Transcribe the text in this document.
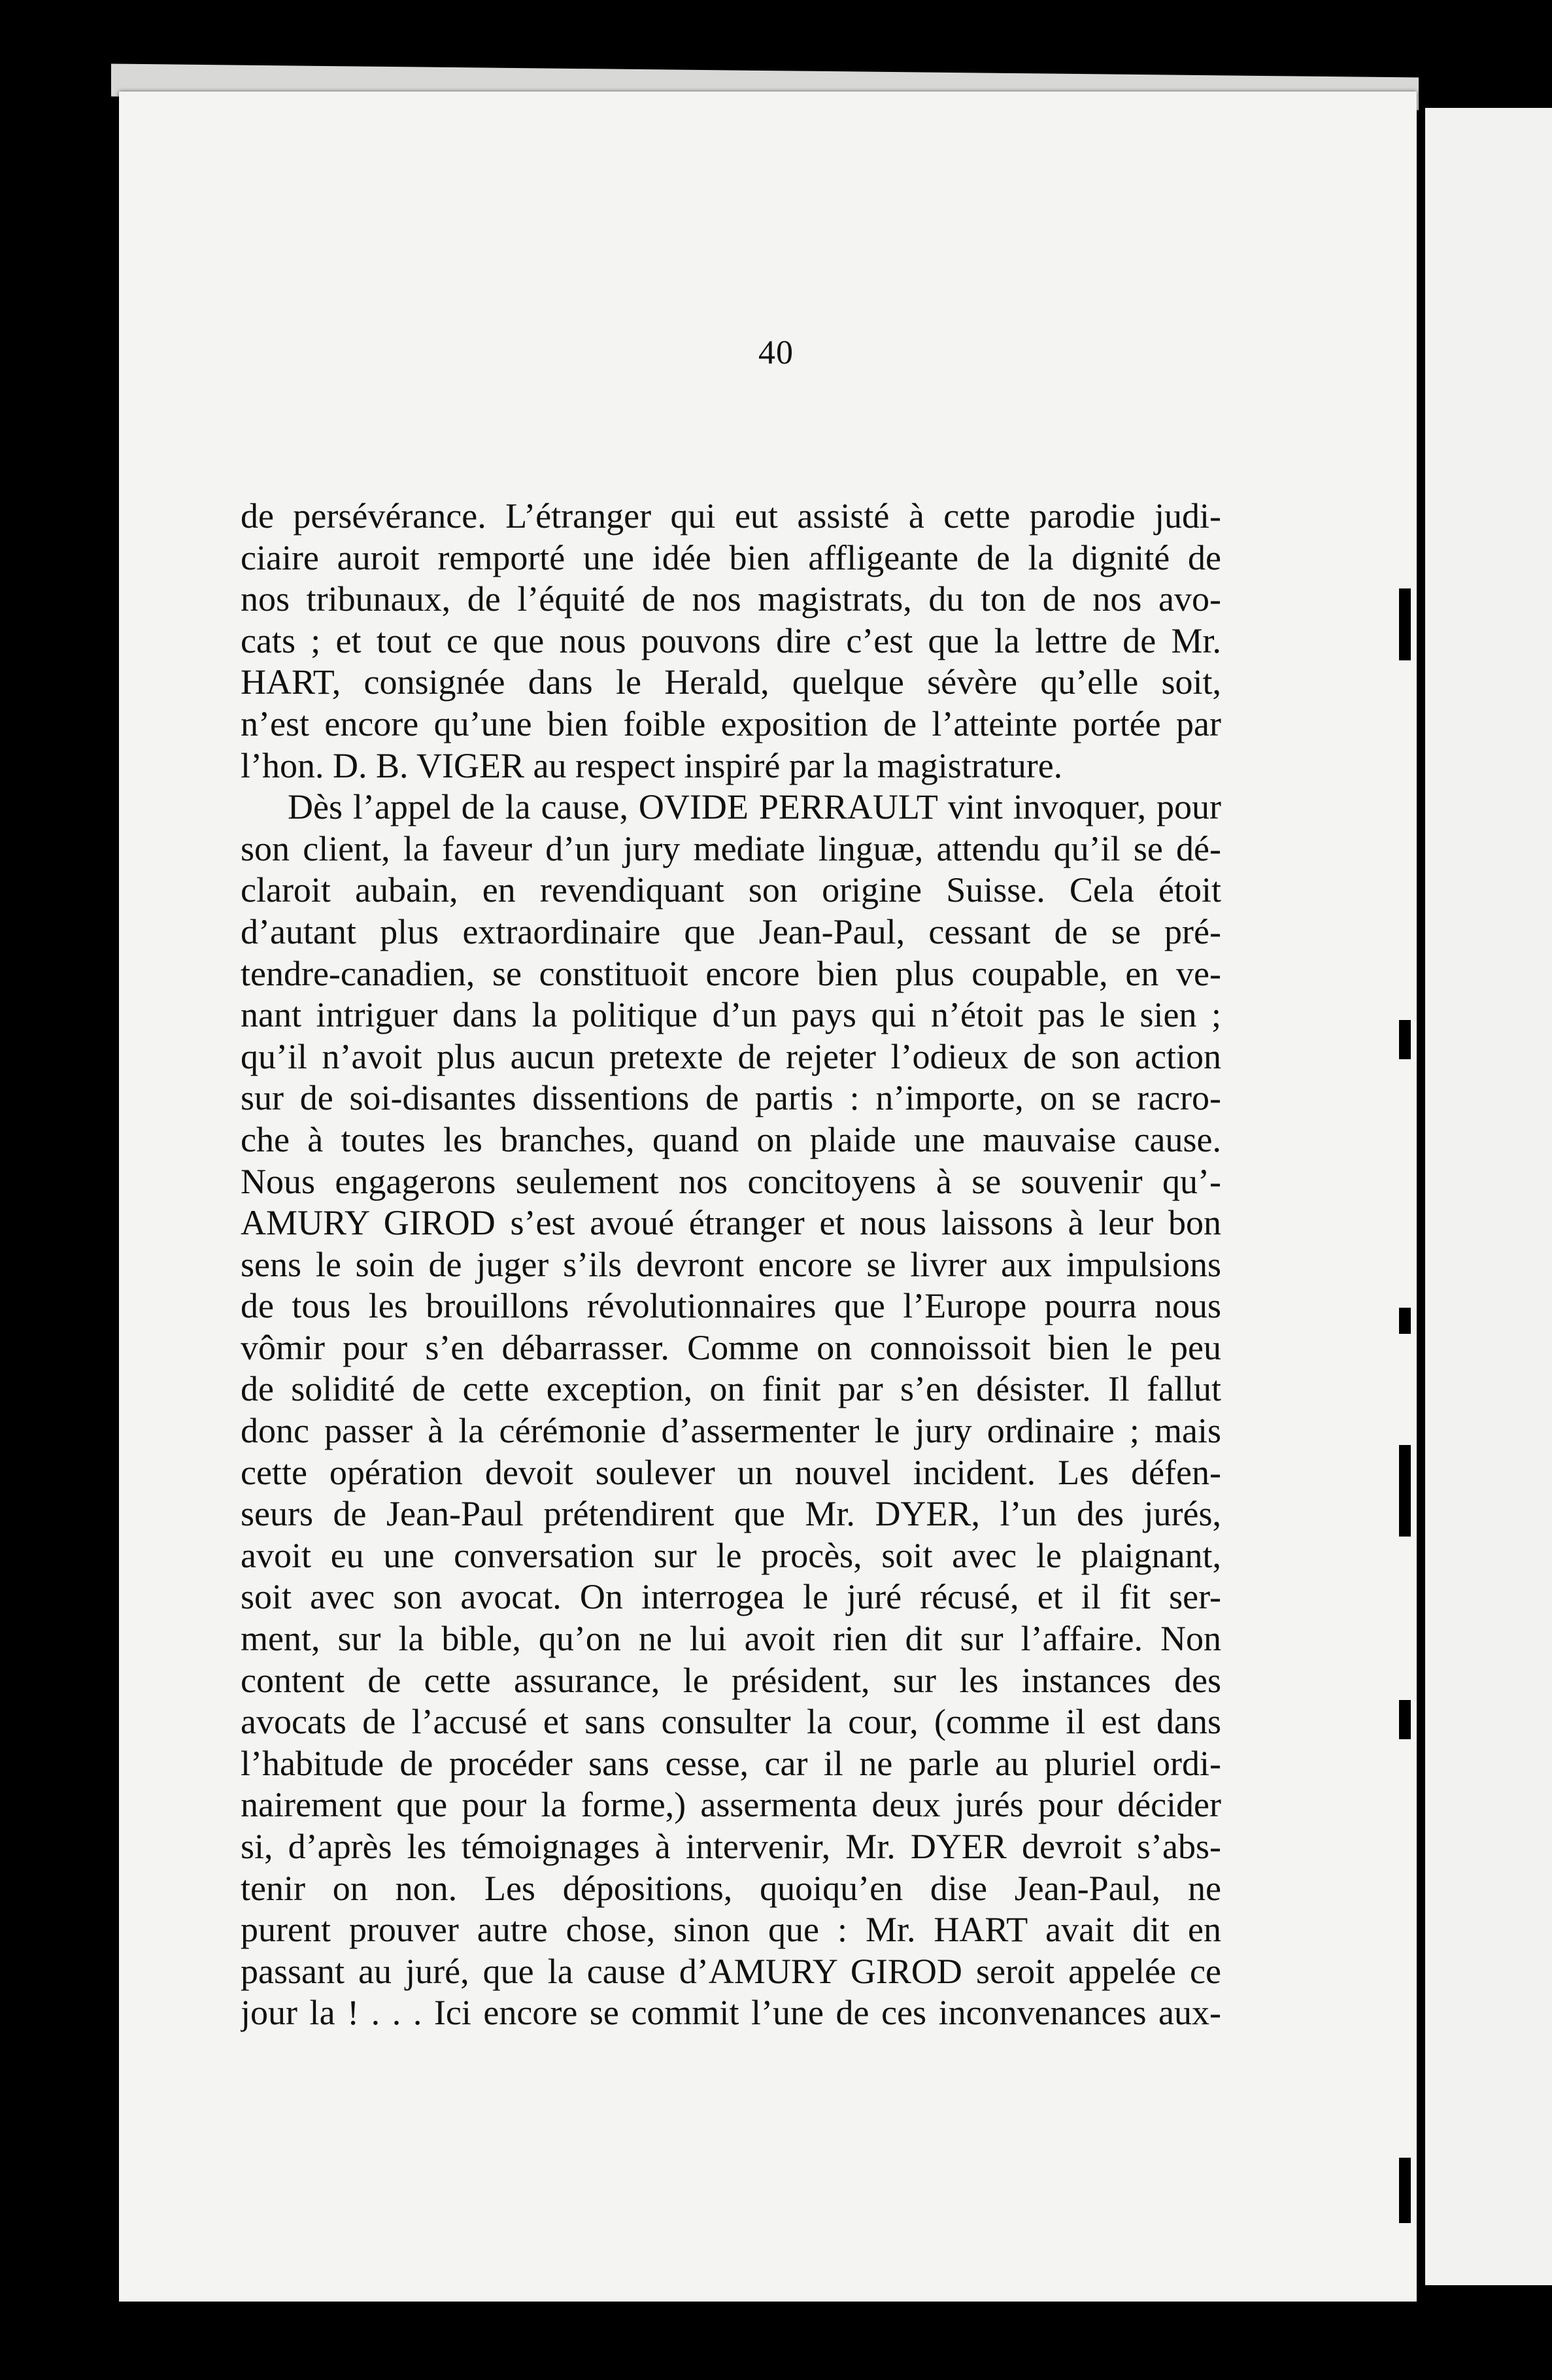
40
de persévérance. L’étranger qui eut assisté à cette parodie judi-
ciaire auroit remporté une idée bien affligeante de la dignité de
nos tribunaux, de l’équité de nos magistrats, du ton de nos avo-
cats ; et tout ce que nous pouvons dire c’est que la lettre de Mr.
HART, consignée dans le Herald, quelque sévère qu’elle soit,
n’est encore qu’une bien foible exposition de l’atteinte portée par
l’hon. D. B. VIGER au respect inspiré par la magistrature.
Dès l’appel de la cause, OVIDE PERRAULT vint invoquer, pour
son client, la faveur d’un jury mediate linguæ, attendu qu’il se dé-
claroit aubain, en revendiquant son origine Suisse. Cela étoit
d’autant plus extraordinaire que Jean-Paul, cessant de se pré-
tendre-canadien, se constituoit encore bien plus coupable, en ve-
nant intriguer dans la politique d’un pays qui n’étoit pas le sien ;
qu’il n’avoit plus aucun pretexte de rejeter l’odieux de son action
sur de soi-disantes dissentions de partis : n’importe, on se racro-
che à toutes les branches, quand on plaide une mauvaise cause.
Nous engagerons seulement nos concitoyens à se souvenir qu’-
AMURY GIROD s’est avoué étranger et nous laissons à leur bon
sens le soin de juger s’ils devront encore se livrer aux impulsions
de tous les brouillons révolutionnaires que l’Europe pourra nous
vômir pour s’en débarrasser. Comme on connoissoit bien le peu
de solidité de cette exception, on finit par s’en désister. Il fallut
donc passer à la cérémonie d’assermenter le jury ordinaire ; mais
cette opération devoit soulever un nouvel incident. Les défen-
seurs de Jean-Paul prétendirent que Mr. DYER, l’un des jurés,
avoit eu une conversation sur le procès, soit avec le plaignant,
soit avec son avocat. On interrogea le juré récusé, et il fit ser-
ment, sur la bible, qu’on ne lui avoit rien dit sur l’affaire. Non
content de cette assurance, le président, sur les instances des
avocats de l’accusé et sans consulter la cour, (comme il est dans
l’habitude de procéder sans cesse, car il ne parle au pluriel ordi-
nairement que pour la forme,) assermenta deux jurés pour décider
si, d’après les témoignages à intervenir, Mr. DYER devroit s’abs-
tenir on non. Les dépositions, quoiqu’en dise Jean-Paul, ne
purent prouver autre chose, sinon que : Mr. HART avait dit en
passant au juré, que la cause d’AMURY GIROD seroit appelée ce
jour la ! . . . Ici encore se commit l’une de ces inconvenances aux-
